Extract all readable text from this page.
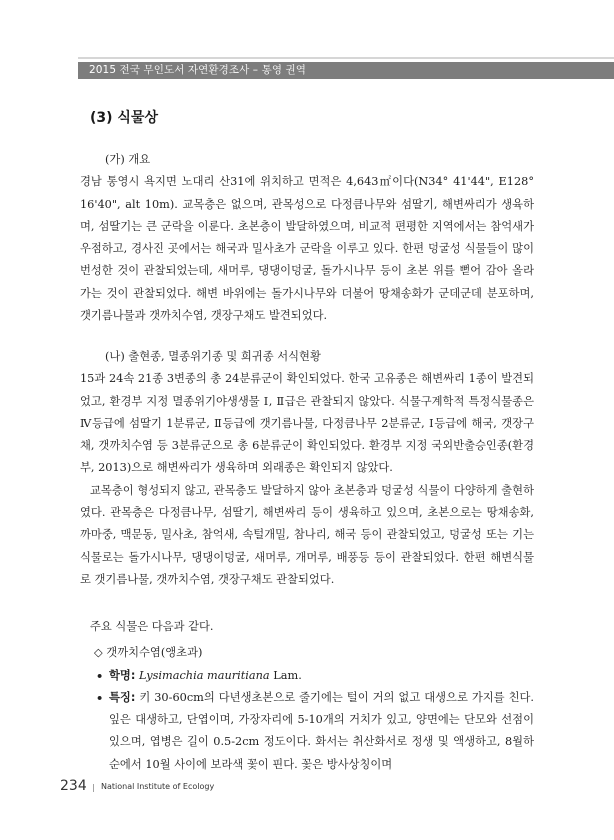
2015 전국 무인도서 자연환경조사 – 통영 권역
(3) 식물상

(가) 개요

경남 통영시 욕지면 노대리 산31에 위치하고 면적은 4,643㎡이다(N34° 41'44", E128° 16'40", alt 10m). 교목층은 없으며, 관목성으로 다정큼나무와 섬딸기, 해변싸리가 생육하며, 섬딸기는 큰 군락을 이룬다. 초본층이 발달하였으며, 비교적 편평한 지역에서는 참억새가 우점하고, 경사진 곳에서는 해국과 밀사초가 군락을 이루고 있다. 한편 덩굴성 식물들이 많이 번성한 것이 관찰되었는데, 새머루, 댕댕이덩굴, 돌가시나무 등이 초본 위를 뻗어 감아 올라가는 것이 관찰되었다. 해변 바위에는 돌가시나무와 더불어 땅채송화가 군데군데 분포하며, 갯기름나물과 갯까치수염, 갯장구채도 발견되었다.

(나) 출현종, 멸종위기종 및 희귀종 서식현황

15과 24속 21종 3변종의 총 24분류군이 확인되었다. 한국 고유종은 해변싸리 1종이 발견되었고, 환경부 지정 멸종위기야생생물 Ⅰ, Ⅱ급은 관찰되지 않았다. 식물구계학적 특정식물종은 Ⅳ등급에 섬딸기 1분류군, Ⅱ등급에 갯기름나물, 다정큼나무 2분류군, Ⅰ등급에 해국, 갯장구채, 갯까치수염 등 3분류군으로 총 6분류군이 확인되었다. 환경부 지정 국외반출승인종(환경부, 2013)으로 해변싸리가 생육하며 외래종은 확인되지 않았다.

교목층이 형성되지 않고, 관목층도 발달하지 않아 초본층과 덩굴성 식물이 다양하게 출현하였다. 관목층은 다정큼나무, 섬딸기, 해변싸리 등이 생육하고 있으며, 초본으로는 땅채송화, 까마중, 맥문동, 밀사초, 참억새, 속털개밀, 참나리, 해국 등이 관찰되었고, 덩굴성 또는 기는 식물로는 돌가시나무, 댕댕이덩굴, 새머루, 개머루, 배풍등 등이 관찰되었다. 한편 해변식물로 갯기름나물, 갯까치수염, 갯장구채도 관찰되었다.

주요 식물은 다음과 같다.

◇ 갯까치수염(앵초과)

• 학명: Lysimachia mauritiana Lam.

• 특징: 키 30-60cm의 다년생초본으로 줄기에는 털이 거의 없고 대생으로 가지를 친다. 잎은 대생하고, 단엽이며, 가장자리에 5-10개의 거치가 있고, 양면에는 단모와 선점이 있으며, 엽병은 길이 0.5-2cm 정도이다. 화서는 취산화서로 정생 및 액생하고, 8월하순에서 10월 사이에 보라색 꽃이 핀다. 꽃은 방사상칭이며

234 | National Institute of Ecology
